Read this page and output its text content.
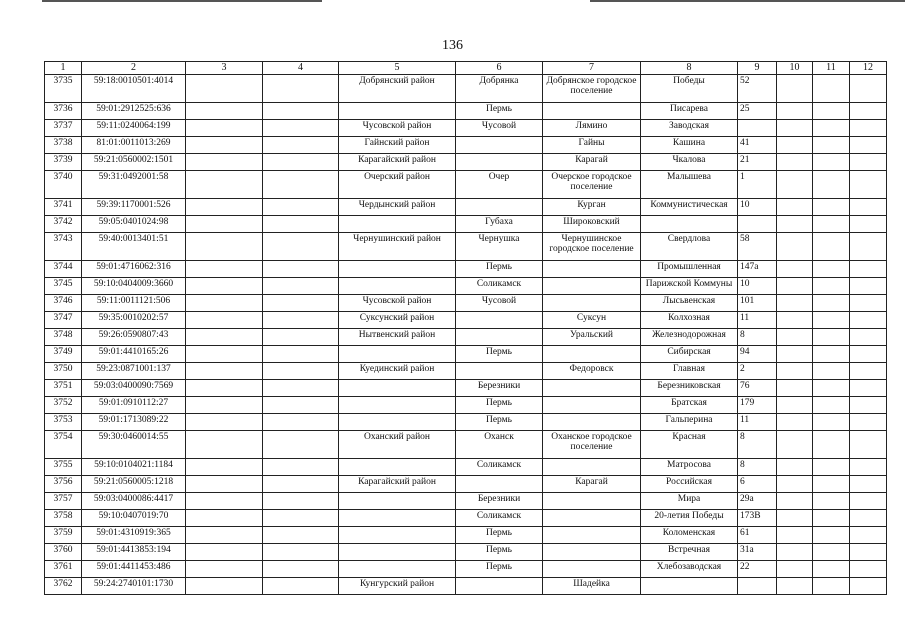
136
1	2	3	4	5	6	7	8	9	10	11	12
3735	59:18:0010501:4014			Добрянский район	Добрянка	Добрянское городское поселение	Победы	52			
3736	59:01:2912525:636				Пермь		Писарева	25			
3737	59:11:0240064:199			Чусовской район	Чусовой	Лямино	Заводская				
3738	81:01:0011013:269			Гайнский район		Гайны	Кашина	41			
3739	59:21:0560002:1501			Карагайский район		Карагай	Чкалова	21			
3740	59:31:0492001:58			Очерский район	Очер	Очерское городское поселение	Малышева	1			
3741	59:39:1170001:526			Чердынский район		Курган	Коммунистическая	10			
3742	59:05:0401024:98				Губаха	Широковский					
3743	59:40:0013401:51			Чернушинский район	Чернушка	Чернушинское городское поселение	Свердлова	58			
3744	59:01:4716062:316				Пермь		Промышленная	147а			
3745	59:10:0404009:3660				Соликамск		Парижской Коммуны	10			
3746	59:11:0011121:506			Чусовской район	Чусовой		Лысьвенская	101			
3747	59:35:0010202:57			Суксунский район		Суксун	Колхозная	11			
3748	59:26:0590807:43			Нытвенский район		Уральский	Железнодорожная	8			
3749	59:01:4410165:26				Пермь		Сибирская	94			
3750	59:23:0871001:137			Куединский район		Федоровск	Главная	2			
3751	59:03:0400090:7569				Березники		Березниковская	76			
3752	59:01:0910112:27				Пермь		Братская	179			
3753	59:01:1713089:22				Пермь		Гальперина	11			
3754	59:30:0460014:55			Оханский район	Оханск	Оханское городское поселение	Красная	8			
3755	59:10:0104021:1184				Соликамск		Матросова	8			
3756	59:21:0560005:1218			Карагайский район		Карагай	Российская	6			
3757	59:03:0400086:4417				Березники		Мира	29а			
3758	59:10:0407019:70				Соликамск		20-летия Победы	173В			
3759	59:01:4310919:365				Пермь		Коломенская	61			
3760	59:01:4413853:194				Пермь		Встречная	31а			
3761	59:01:4411453:486				Пермь		Хлебозаводская	22			
3762	59:24:2740101:1730			Кунгурский район		Шадейка					
